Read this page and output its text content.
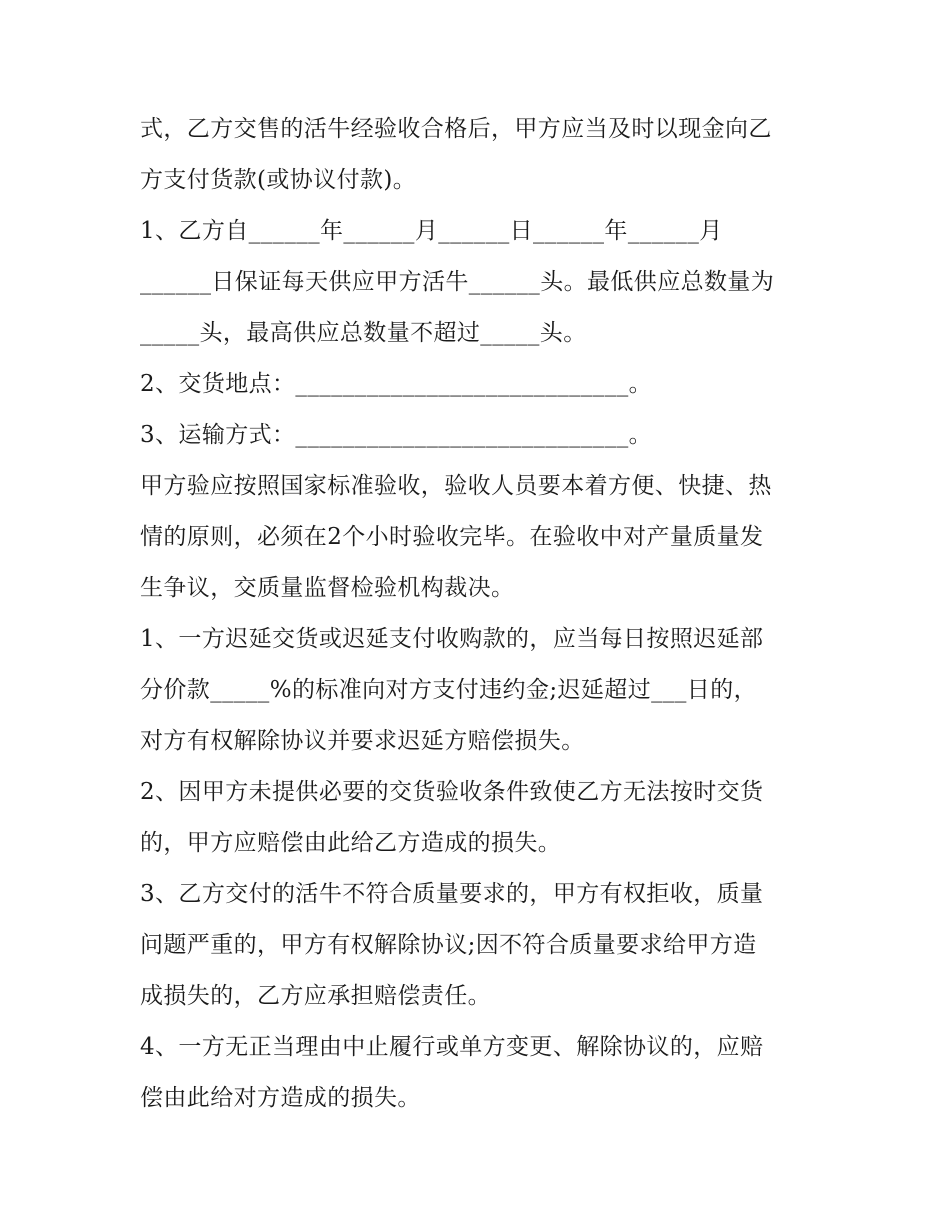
式，乙方交售的活牛经验收合格后，甲方应当及时以现金向乙
方支付货款(或协议付款)。
1、乙方自______年______月______日______年______月
______日保证每天供应甲方活牛______头。最低供应总数量为
_____头，最高供应总数量不超过_____头。
2、交货地点：____________________________。
3、运输方式：____________________________。
甲方验应按照国家标准验收，验收人员要本着方便、快捷、热
情的原则，必须在2个小时验收完毕。在验收中对产量质量发
生争议，交质量监督检验机构裁决。
1、一方迟延交货或迟延支付收购款的，应当每日按照迟延部
分价款_____%的标准向对方支付违约金;迟延超过___日的，
对方有权解除协议并要求迟延方赔偿损失。
2、因甲方未提供必要的交货验收条件致使乙方无法按时交货
的，甲方应赔偿由此给乙方造成的损失。
3、乙方交付的活牛不符合质量要求的，甲方有权拒收，质量
问题严重的，甲方有权解除协议;因不符合质量要求给甲方造
成损失的，乙方应承担赔偿责任。
4、一方无正当理由中止履行或单方变更、解除协议的，应赔
偿由此给对方造成的损失。
